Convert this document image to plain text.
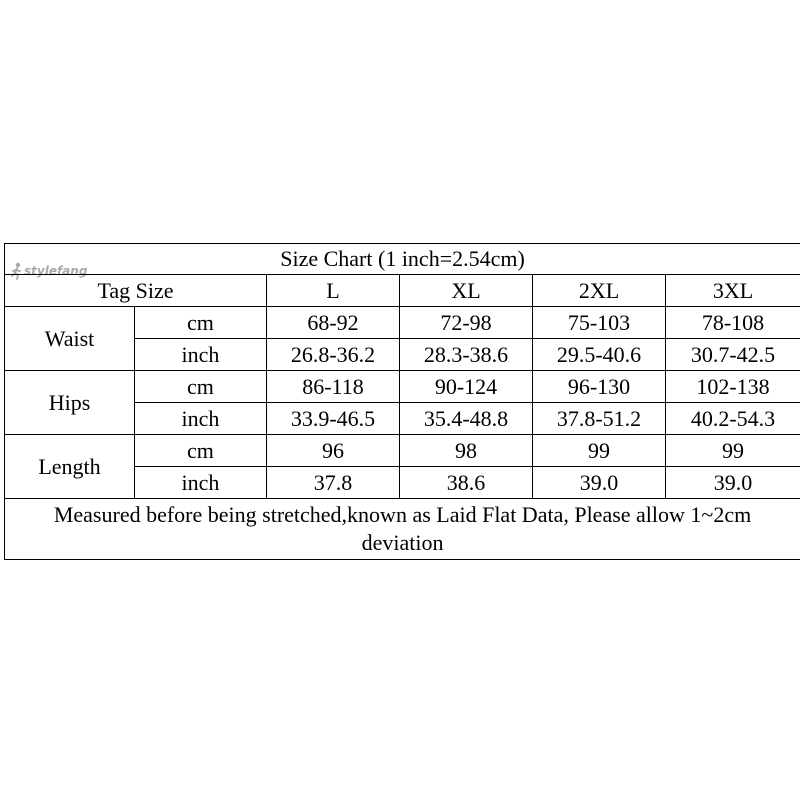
stylefang	Size Chart (1 inch=2.54cm)					
Tag Size		L	XL	2XL	3XL
Waist	cm	68-92	72-98	75-103	78-108
	inch	26.8-36.2	28.3-38.6	29.5-40.6	30.7-42.5
Hips	cm	86-118	90-124	96-130	102-138
	inch	33.9-46.5	35.4-48.8	37.8-51.2	40.2-54.3
Length	cm	96	98	99	99
	inch	37.8	38.6	39.0	39.0
Measured before being stretched,known as Laid Flat Data, Please allow 1~2cm deviation					
